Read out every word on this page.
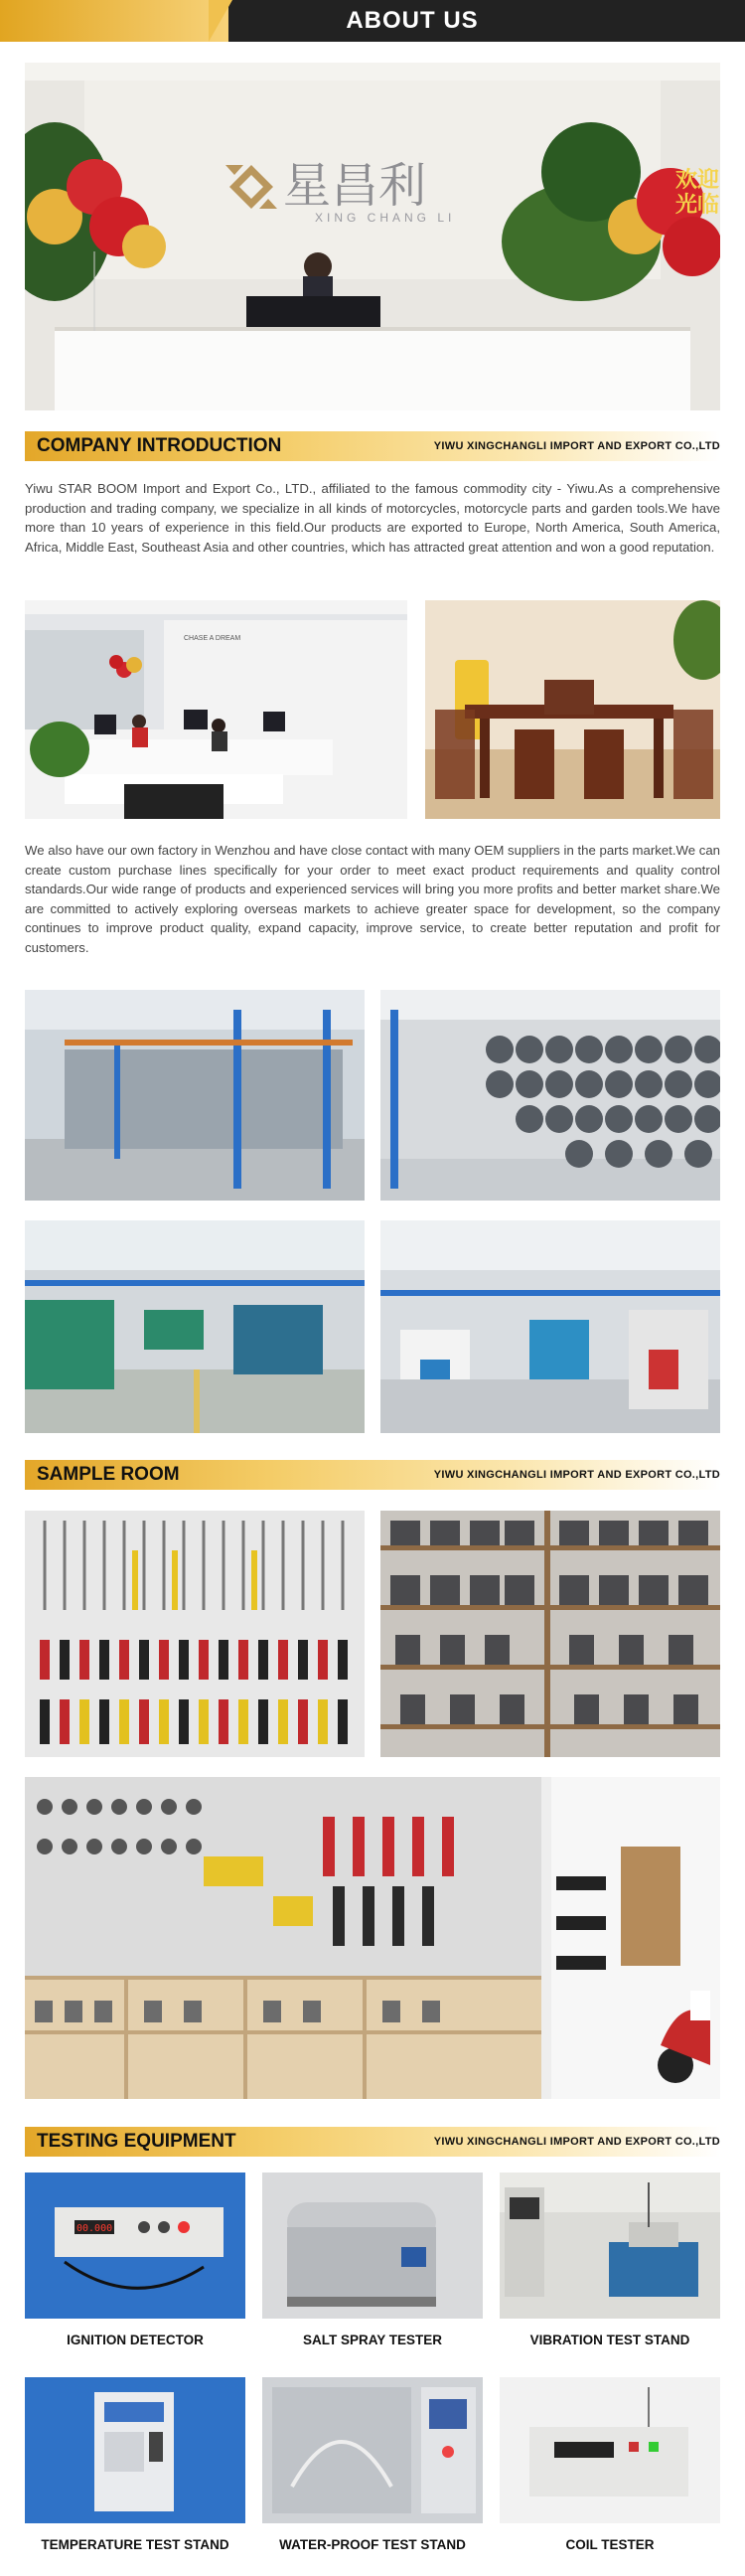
ABOUT US
星昌利
XING CHANG LI
欢迎
光临
COMPANY INTRODUCTION	YIWU XINGCHANGLI IMPORT AND EXPORT CO.,LTD
Yiwu STAR BOOM Import and Export Co., LTD., affiliated to the famous commodity city - Yiwu.As a comprehensive production and trading company, we specialize in all kinds of motorcycles, motorcycle parts and garden tools.We have more than 10 years of experience in this field.Our products are exported to Europe, North America, South America, Africa, Middle East, Southeast Asia and other countries, which has attracted great attention and won a good reputation.
CHASE A DREAM
We also have our own factory in Wenzhou and have close contact with many OEM suppliers in the parts market.We can create custom purchase lines specifically for your order to meet exact product requirements and quality control standards.Our wide range of products and experienced services will bring you more profits and better market share.We are committed to actively exploring overseas markets to achieve greater space for development, so the company continues to improve product quality, expand capacity, improve service, to create better reputation and profit for customers.
SAMPLE ROOM	YIWU XINGCHANGLI IMPORT AND EXPORT CO.,LTD
TESTING EQUIPMENT	YIWU XINGCHANGLI IMPORT AND EXPORT CO.,LTD
00.000
IGNITION DETECTOR	SALT SPRAY TESTER	VIBRATION TEST STAND
TEMPERATURE TEST STAND	WATER-PROOF TEST STAND	COIL TESTER
